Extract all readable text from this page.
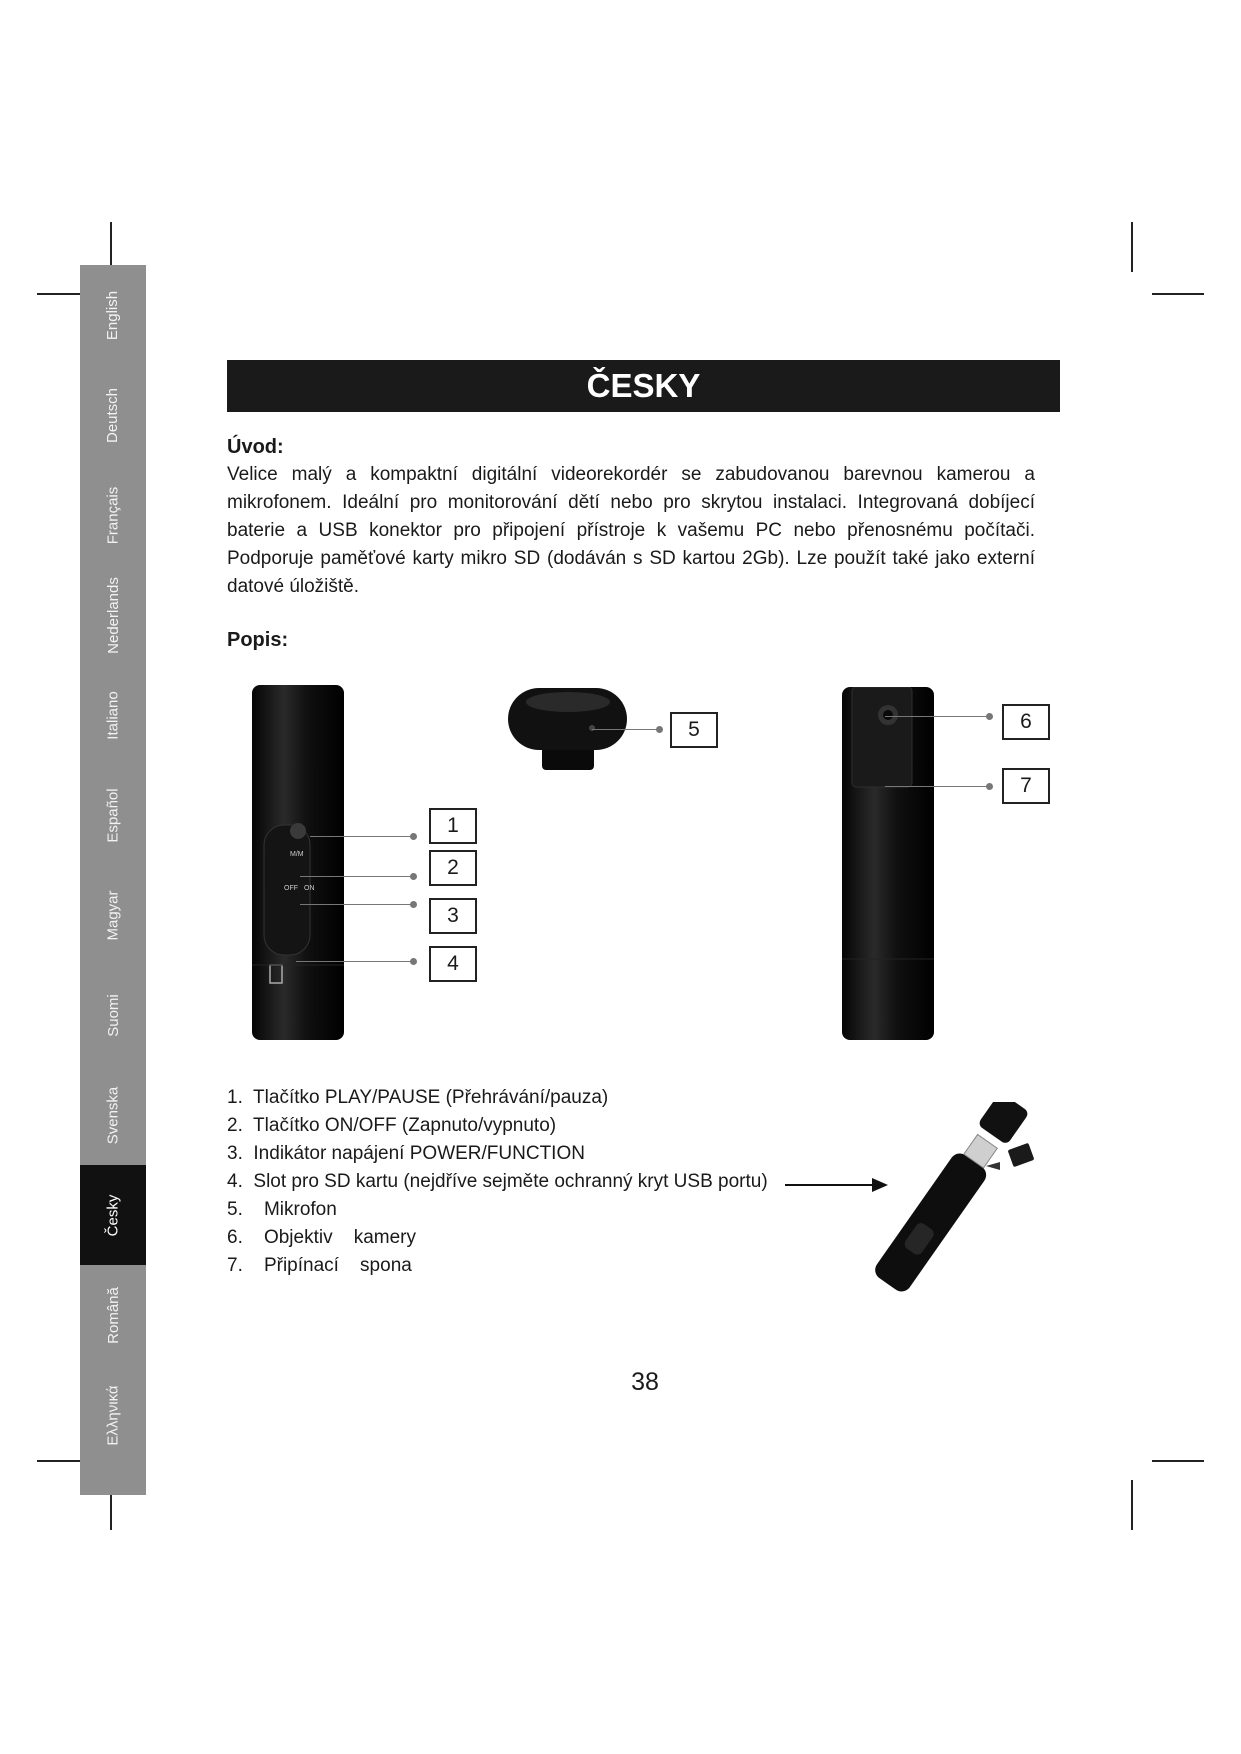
English
Deutsch
Français
Nederlands
Italiano
Español
Magyar
Suomi
Svenska
Česky
Română
Ελληνικά
ČESKY
Úvod:
Velice malý a kompaktní digitální videorekordér se zabudovanou barevnou kamerou a mikrofonem. Ideální pro monitorování dětí nebo pro skrytou instalaci. Integrovaná dobíjecí baterie a USB konektor pro připojení přístroje k vašemu PC nebo přenosnému počítači. Podporuje paměťové karty mikro SD (dodáván s SD kartou 2Gb). Lze použít také jako externí datové úložiště.
Popis:
M/M
OFF ON
1
2
3
4
5	6
7
1.  Tlačítko PLAY/PAUSE (Přehrávání/pauza)
2.  Tlačítko ON/OFF (Zapnuto/vypnuto)
3.  Indikátor napájení POWER/FUNCTION
4.  Slot pro SD kartu (nejdříve sejměte ochranný kryt USB portu)
5.    Mikrofon
6.    Objektiv    kamery
7.    Připínací    spona
38
